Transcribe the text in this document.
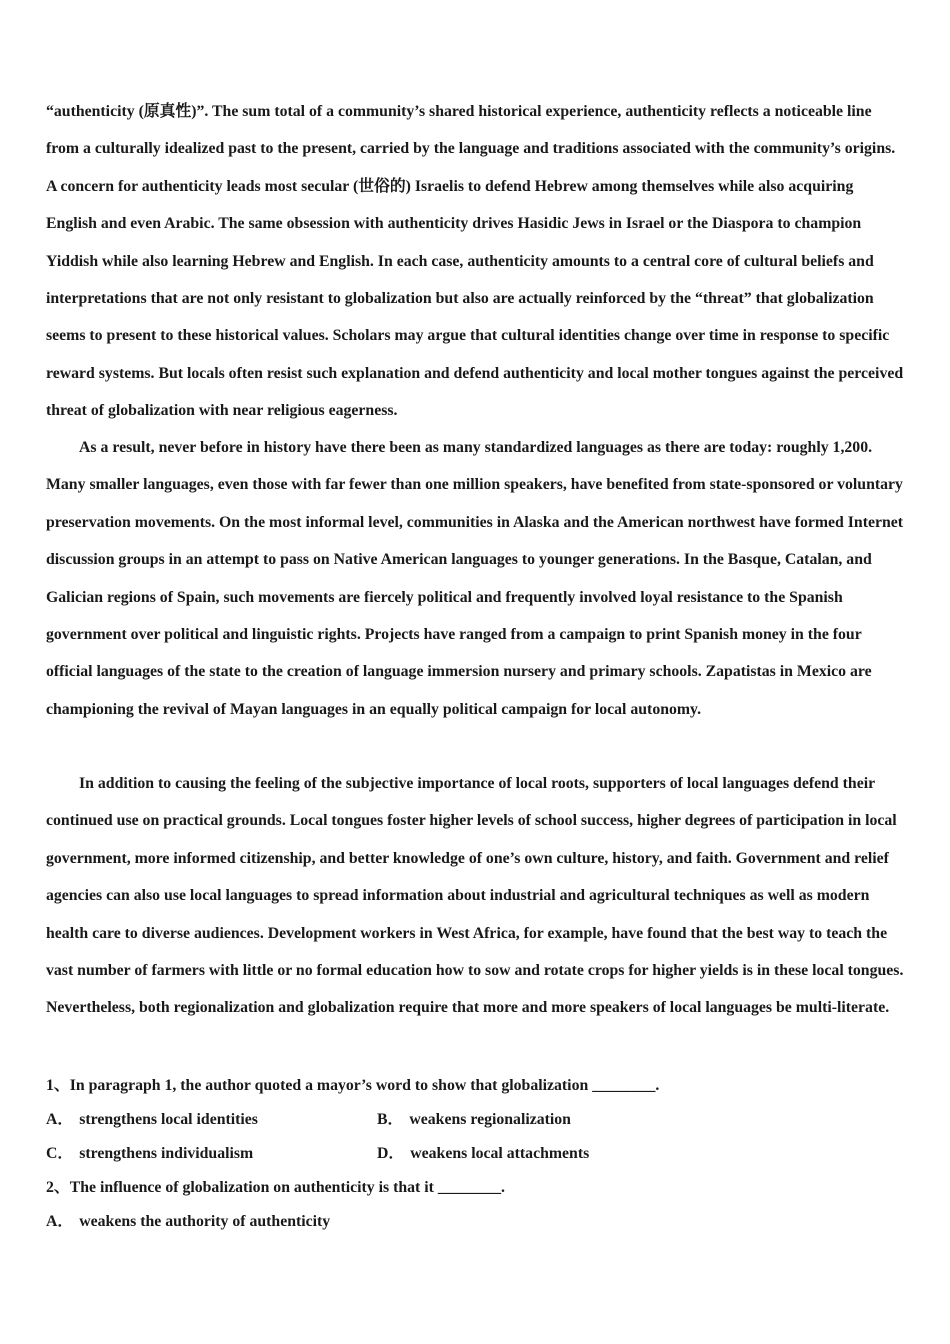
“authenticity (原真性)”. The sum total of a community’s shared historical experience, authenticity reflects a noticeable line from a culturally idealized past to the present, carried by the language and traditions associated with the community’s origins. A concern for authenticity leads most secular (世俗的) Israelis to defend Hebrew among themselves while also acquiring English and even Arabic. The same obsession with authenticity drives Hasidic Jews in Israel or the Diaspora to champion Yiddish while also learning Hebrew and English. In each case, authenticity amounts to a central core of cultural beliefs and interpretations that are not only resistant to globalization but also are actually reinforced by the “threat” that globalization seems to present to these historical values. Scholars may argue that cultural identities change over time in response to specific reward systems. But locals often resist such explanation and defend authenticity and local mother tongues against the perceived threat of globalization with near religious eagerness.

As a result, never before in history have there been as many standardized languages as there are today: roughly 1,200. Many smaller languages, even those with far fewer than one million speakers, have benefited from state-sponsored or voluntary preservation movements. On the most informal level, communities in Alaska and the American northwest have formed Internet discussion groups in an attempt to pass on Native American languages to younger generations. In the Basque, Catalan, and Galician regions of Spain, such movements are fiercely political and frequently involved loyal resistance to the Spanish government over political and linguistic rights. Projects have ranged from a campaign to print Spanish money in the four official languages of the state to the creation of language immersion nursery and primary schools. Zapatistas in Mexico are championing the revival of Mayan languages in an equally political campaign for local autonomy.

In addition to causing the feeling of the subjective importance of local roots, supporters of local languages defend their continued use on practical grounds. Local tongues foster higher levels of school success, higher degrees of participation in local government, more informed citizenship, and better knowledge of one’s own culture, history, and faith. Government and relief agencies can also use local languages to spread information about industrial and agricultural techniques as well as modern health care to diverse audiences. Development workers in West Africa, for example, have found that the best way to teach the vast number of farmers with little or no formal education how to sow and rotate crops for higher yields is in these local tongues. Nevertheless, both regionalization and globalization require that more and more speakers of local languages be multi-literate.

1、In paragraph 1, the author quoted a mayor’s word to show that globalization ________.

A． strengthens local identities	B． weakens regionalization
C． strengthens individualism	D． weakens local attachments

2、The influence of globalization on authenticity is that it ________.

A． weakens the authority of authenticity
